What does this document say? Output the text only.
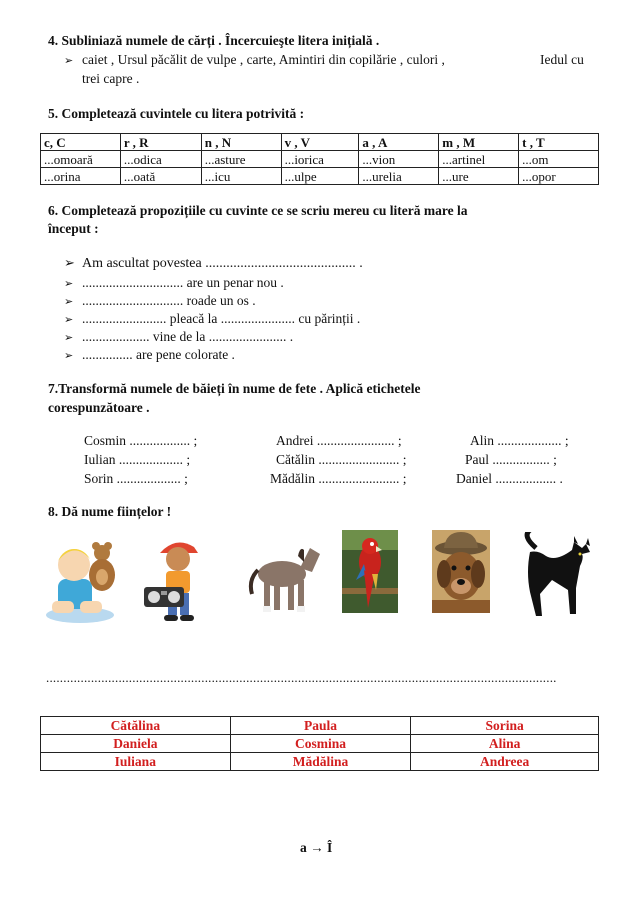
4. Subliniază numele de cărți . Încercuieşte litera inițială .
➢ caiet , Ursul păcălit de vulpe , carte, Amintiri din copilărie , culori ,	Iedul cu
trei capre .
5. Completează cuvintele cu litera potrivită :
c, C	r , R	n , N	v , V	a , A	m , M	t , T
...omoară	...odica	...asture	...iorica	...vion	...artinel	...om
...orina	...oată	...icu	...ulpe	...urelia	...ure	...opor
6. Completează propozițiile cu cuvinte ce se scriu mereu cu literă mare la
început :
➢ Am ascultat povestea ........................................... .
➢ .............................. are un penar nou .
➢ .............................. roade un os .
➢ ......................... pleacă la ...................... cu părinții .
➢ .................... vine de la ....................... .
➢ ............... are pene colorate .
7.Transformă numele de băieți în nume de fete . Aplică etichetele
corespunzătoare .
Cosmin .................. ;
Iulian ................... ;
Sorin ................... ;
Andrei ....................... ;
Cătălin ........................ ;
Mădălin ........................ ;
Alin ................... ;
Paul ................. ;
Daniel .................. .
8. Dă nume ființelor !
....................................................................................................................................................
Cătălina	Paula	Sorina
Daniela	Cosmina	Alina
Iuliana	Mădălina	Andreea
a → Î
